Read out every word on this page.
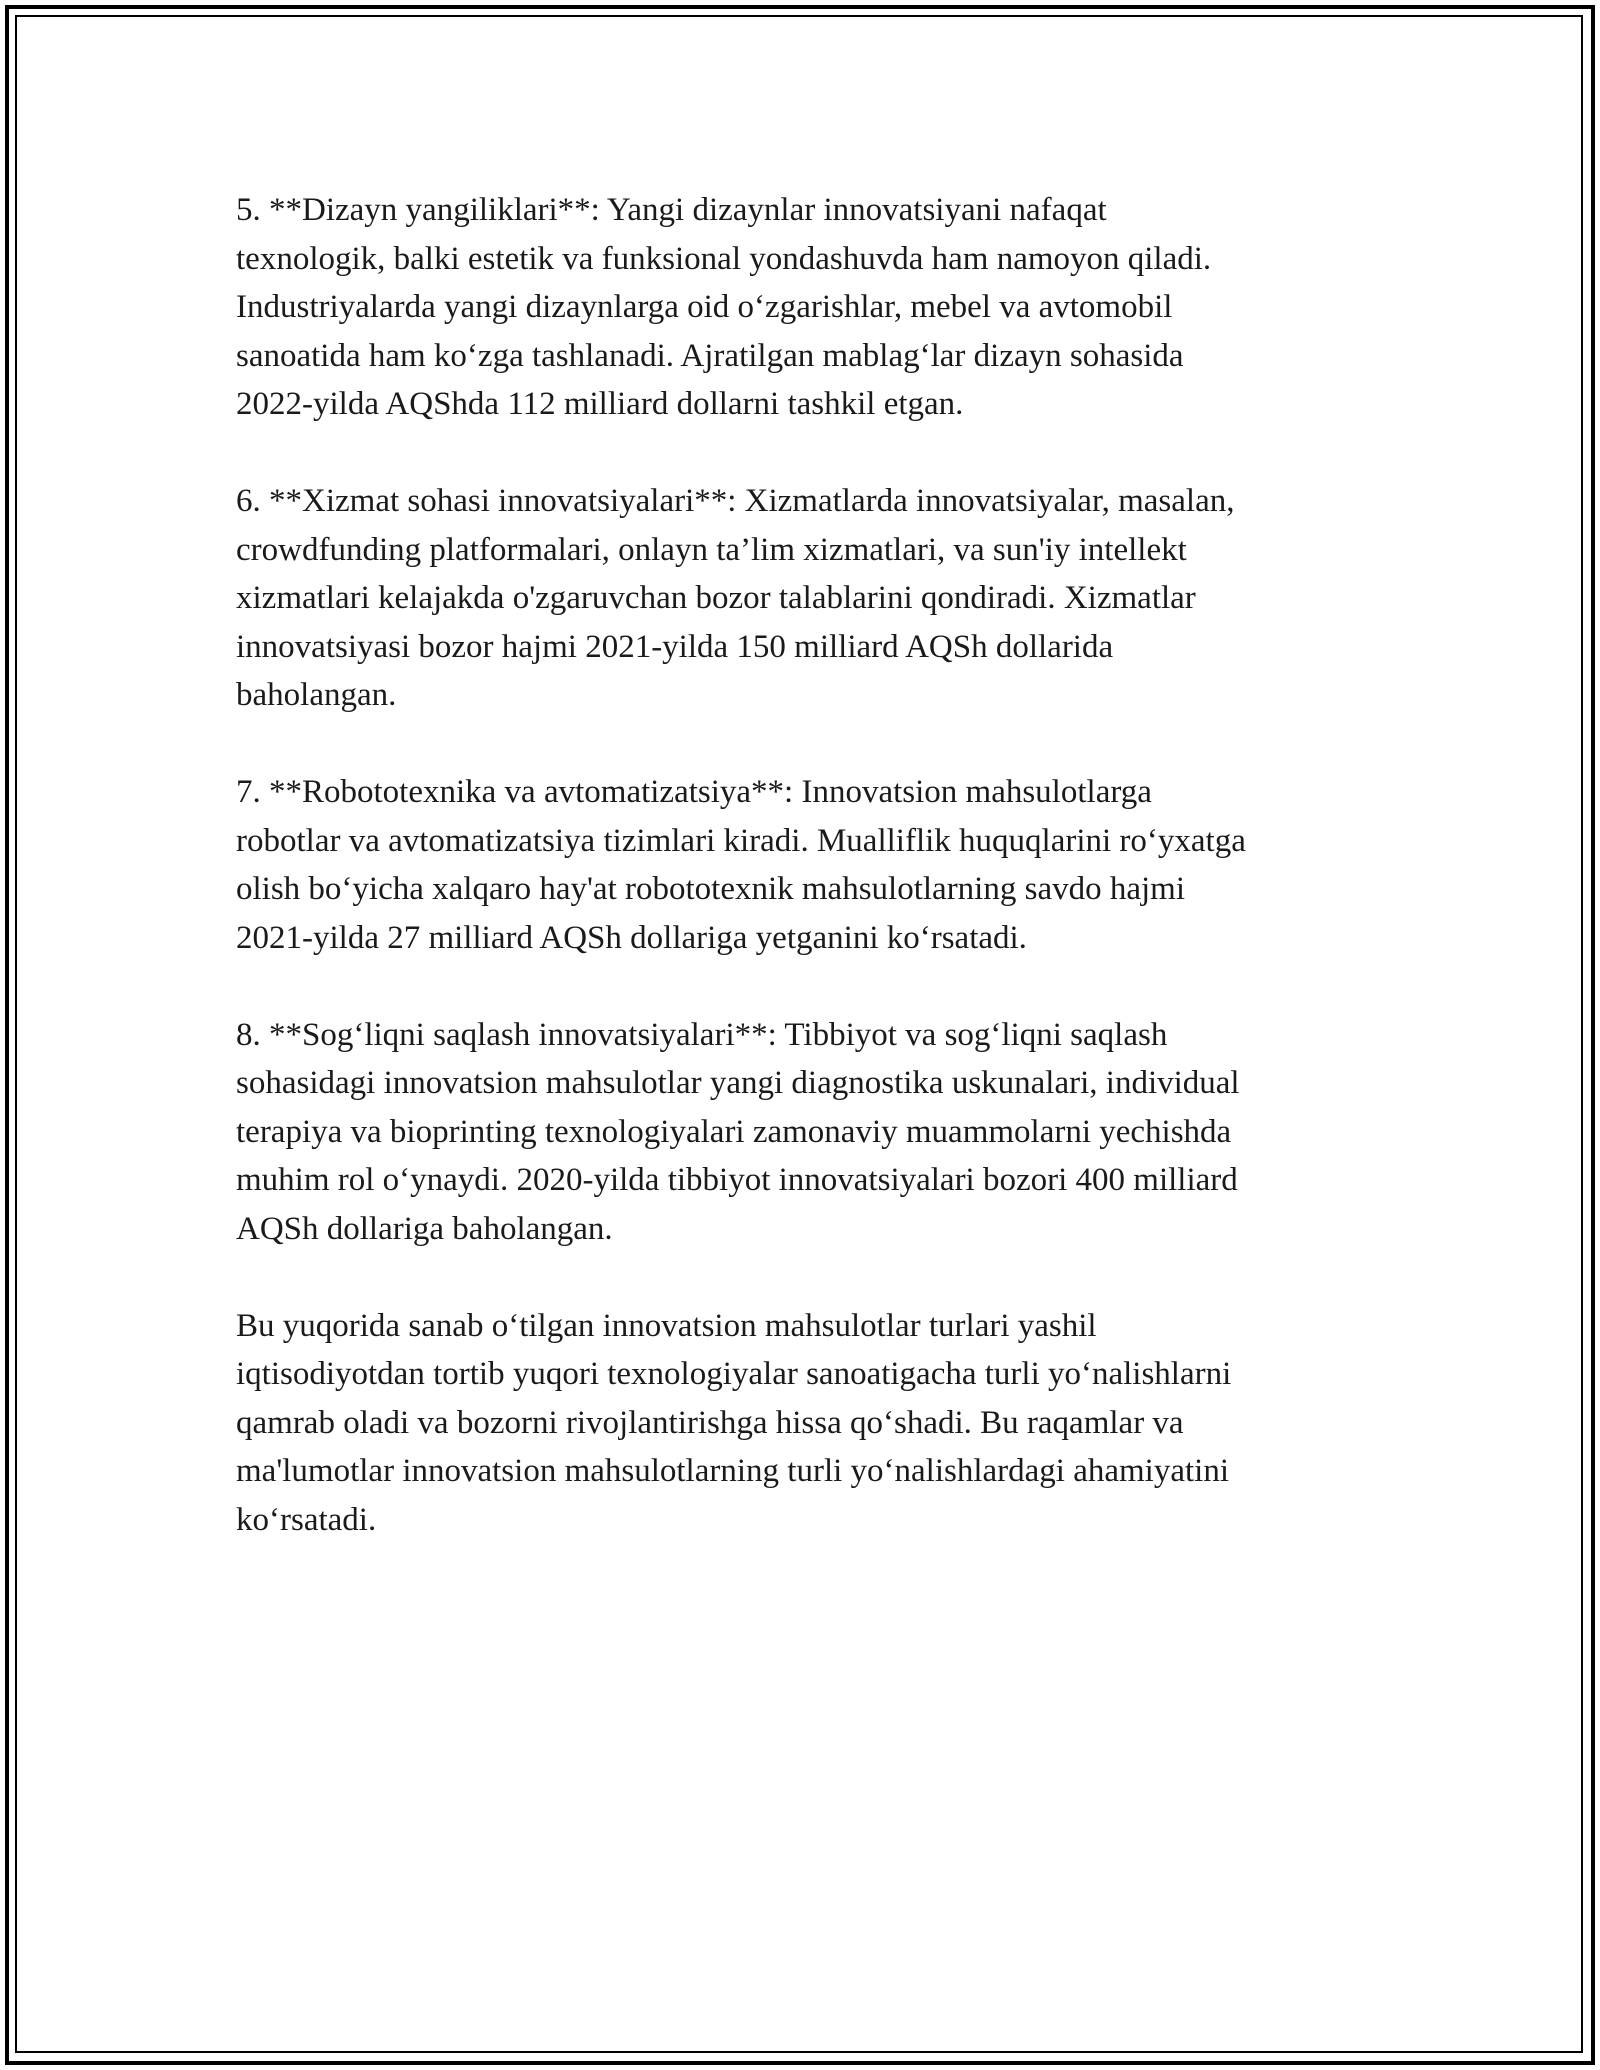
5. **Dizayn yangiliklari**: Yangi dizaynlar innovatsiyani nafaqat
texnologik, balki estetik va funksional yondashuvda ham namoyon qiladi.
Industriyalarda yangi dizaynlarga oid o‘zgarishlar, mebel va avtomobil
sanoatida ham ko‘zga tashlanadi. Ajratilgan mablag‘lar dizayn sohasida
2022-yilda AQShda 112 milliard dollarni tashkil etgan.

6. **Xizmat sohasi innovatsiyalari**: Xizmatlarda innovatsiyalar, masalan,
crowdfunding platformalari, onlayn ta’lim xizmatlari, va sun'iy intellekt
xizmatlari kelajakda o'zgaruvchan bozor talablarini qondiradi. Xizmatlar
innovatsiyasi bozor hajmi 2021-yilda 150 milliard AQSh dollarida
baholangan.

7. **Robototexnika va avtomatizatsiya**: Innovatsion mahsulotlarga
robotlar va avtomatizatsiya tizimlari kiradi. Mualliflik huquqlarini ro‘yxatga
olish bo‘yicha xalqaro hay'at robototexnik mahsulotlarning savdo hajmi
2021-yilda 27 milliard AQSh dollariga yetganini ko‘rsatadi.

8. **Sog‘liqni saqlash innovatsiyalari**: Tibbiyot va sog‘liqni saqlash
sohasidagi innovatsion mahsulotlar yangi diagnostika uskunalari, individual
terapiya va bioprinting texnologiyalari zamonaviy muammolarni yechishda
muhim rol o‘ynaydi. 2020-yilda tibbiyot innovatsiyalari bozori 400 milliard
AQSh dollariga baholangan.

Bu yuqorida sanab o‘tilgan innovatsion mahsulotlar turlari yashil
iqtisodiyotdan tortib yuqori texnologiyalar sanoatigacha turli yo‘nalishlarni
qamrab oladi va bozorni rivojlantirishga hissa qo‘shadi. Bu raqamlar va
ma'lumotlar innovatsion mahsulotlarning turli yo‘nalishlardagi ahamiyatini
ko‘rsatadi.
